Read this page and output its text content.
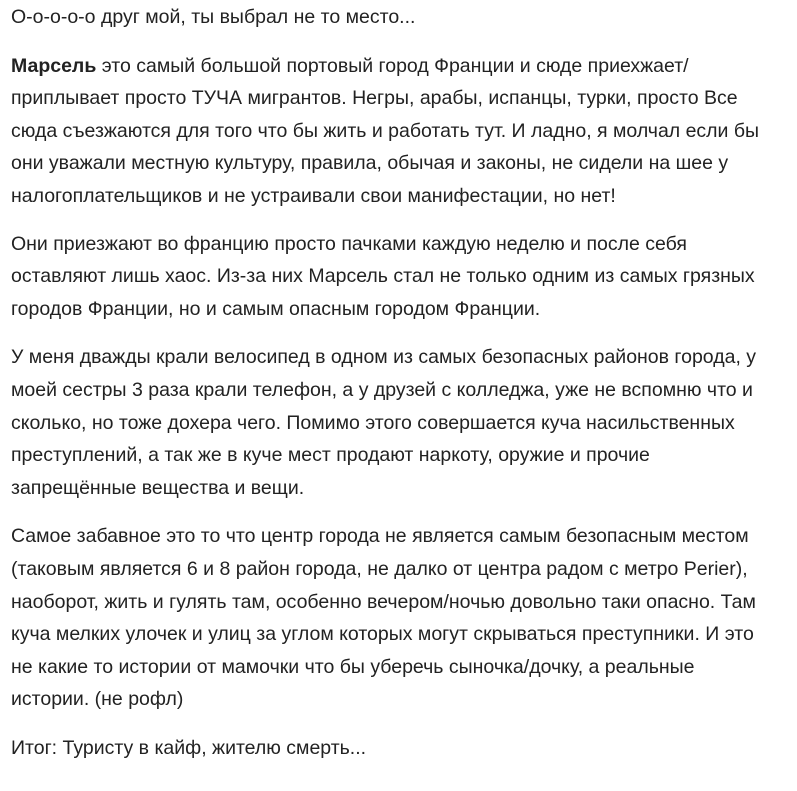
О-о-о-о-о друг мой, ты выбрал не то место...

Марсель это самый большой портовый город Франции и сюде приехжает/приплывает просто ТУЧА мигрантов. Негры, арабы, испанцы, турки, просто Все сюда съезжаются для того что бы жить и работать тут. И ладно, я молчал если бы они уважали местную культуру, правила, обычая и законы, не сидели на шее у налогоплательщиков и не устраивали свои манифестации, но нет!

Они приезжают во францию просто пачками каждую неделю и после себя оставляют лишь хаос. Из-за них Марсель стал не только одним из самых грязных городов Франции, но и самым опасным городом Франции.

У меня дважды крали велосипед в одном из самых безопасных районов города, у моей сестры 3 раза крали телефон, а у друзей с колледжа, уже не вспомню что и сколько, но тоже дохера чего. Помимо этого совершается куча насильственных преступлений, а так же в куче мест продают наркоту, оружие и прочие запрещённые вещества и вещи.

Самое забавное это то что центр города не является самым безопасным местом (таковым является 6 и 8 район города, не далко от центра радом с метро Perier), наоборот, жить и гулять там, особенно вечером/ночью довольно таки опасно. Там куча мелких улочек и улиц за углом которых могут скрываться преступники. И это не какие то истории от мамочки что бы уберечь сыночка/дочку, а реальные истории. (не рофл)

Итог: Туристу в кайф, жителю смерть...
